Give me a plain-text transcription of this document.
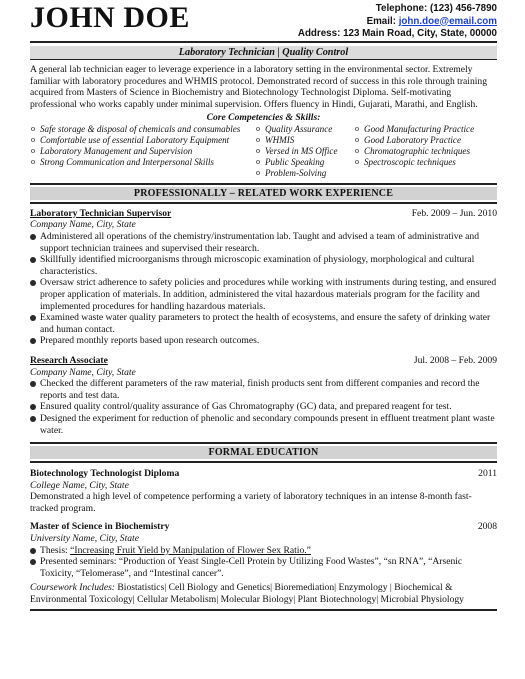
JOHN DOE	Telephone: (123) 456-7890
Email: john.doe@email.com
Address: 123 Main Road, City, State, 00000
Laboratory Technician | Quality Control

A general lab technician eager to leverage experience in a laboratory setting in the environmental sector. Extremely familiar with laboratory procedures and WHMIS protocol. Demonstrated record of success in this role through training acquired from Masters of Science in Biochemistry and Biotechnology Technologist Diploma. Self-motivating professional who works capably under minimal supervision. Offers fluency in Hindi, Gujarati, Marathi, and English.

Core Competencies & Skills:
o Safe storage & disposal of chemicals and consumables
o Comfortable use of essential Laboratory Equipment
o Laboratory Management and Supervision
o Strong Communication and Interpersonal Skills
o Quality Assurance
o WHMIS
o Versed in MS Office
o Public Speaking
o Problem-Solving
o Good Manufacturing Practice
o Good Laboratory Practice
o Chromatographic techniques
o Spectroscopic techniques
PROFESSIONALLY – RELATED WORK EXPERIENCE
Laboratory Technician Supervisor	Feb. 2009 – Jun. 2010
Company Name, City, State
Administered all operations of the chemistry/instrumentation lab. Taught and advised a team of administrative and support technician trainees and supervised their research.
Skillfully identified microorganisms through microscopic examination of physiology, morphological and cultural characteristics.
Oversaw strict adherence to safety policies and procedures while working with instruments during testing, and ensured proper application of materials. In addition, administered the vital hazardous materials program for the facility and implemented procedures for handling hazardous materials.
Examined waste water quality parameters to protect the health of ecosystems, and ensure the safety of drinking water and human contact.
Prepared monthly reports based upon research outcomes.
Research Associate	Jul. 2008 – Feb. 2009
Company Name, City, State
Checked the different parameters of the raw material, finish products sent from different companies and record the reports and test data.
Ensured quality control/quality assurance of Gas Chromatography (GC) data, and prepared reagent for test.
Designed the experiment for reduction of phenolic and secondary compounds present in effluent treatment plant waste water.
FORMAL EDUCATION
Biotechnology Technologist Diploma	2011
College Name, City, State
Demonstrated a high level of competence performing a variety of laboratory techniques in an intense 8-month fast-tracked program.
Master of Science in Biochemistry	2008
University Name, City, State
Thesis: “Increasing Fruit Yield by Manipulation of Flower Sex Ratio.”
Presented seminars: “Production of Yeast Single-Cell Protein by Utilizing Food Wastes”, “sn RNA”, “Arsenic Toxicity, “Telomerase”, and “Intestinal cancer”.
Coursework Includes: Biostatistics| Cell Biology and Genetics| Bioremediation| Enzymology | Biochemical & Environmental Toxicology| Cellular Metabolism| Molecular Biology| Plant Biotechnology| Microbial Physiology
